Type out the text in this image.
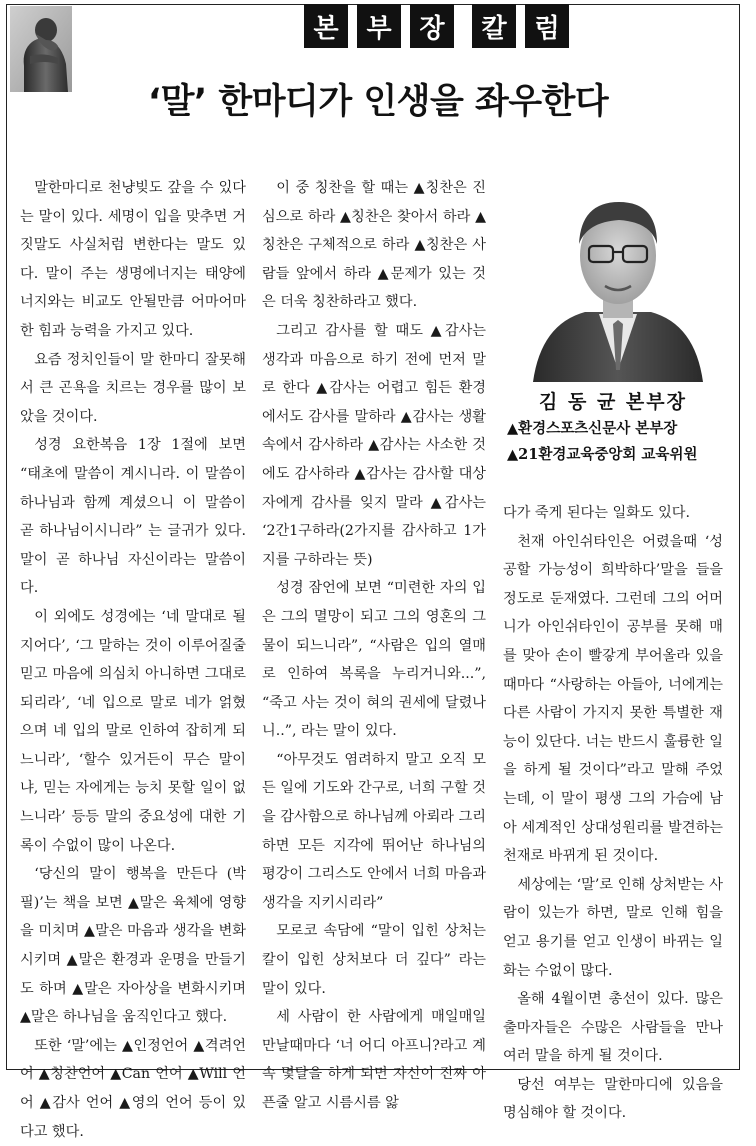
본 부 장 칼 럼
‘말’ 한마디가 인생을 좌우한다

말한마디로 천냥빚도 갚을 수 있다는 말이 있다. 세명이 입을 맞추면 거짓말도 사실처럼 변한다는 말도 있다. 말이 주는 생명에너지는 태양에너지와는 비교도 안될만큼 어마어마한 힘과 능력을 가지고 있다.

요즘 정치인들이 말 한마디 잘못해서 큰 곤욕을 치르는 경우를 많이 보았을 것이다.

성경 요한복음 1장 1절에 보면 “태초에 말씀이 계시니라. 이 말씀이 하나님과 함께 계셨으니 이 말씀이 곧 하나님이시니라” 는 글귀가 있다. 말이 곧 하나님 자신이라는 말씀이다.

이 외에도 성경에는 ‘네 말대로 될지어다’, ‘그 말하는 것이 이루어질줄 믿고 마음에 의심치 아니하면 그대로 되리라’, ‘네 입으로 말로 네가 얽혔으며 네 입의 말로 인하여 잡히게 되느니라’, ‘할수 있거든이 무슨 말이냐, 믿는 자에게는 능치 못할 일이 없느니라’ 등등 말의 중요성에 대한 기록이 수없이 많이 나온다.

‘당신의 말이 행복을 만든다 (박필)’는 책을 보면 ▲말은 육체에 영향을 미치며 ▲말은 마음과 생각을 변화시키며 ▲말은 환경과 운명을 만들기도 하며 ▲말은 자아상을 변화시키며 ▲말은 하나님을 움직인다고 했다.

또한 ‘말’에는 ▲인정언어 ▲격려언어 ▲칭찬언어 ▲Can 언어 ▲Will 언어 ▲감사 언어 ▲영의 언어 등이 있다고 했다.

이 중 칭찬을 할 때는 ▲칭찬은 진심으로 하라 ▲칭찬은 찾아서 하라 ▲칭찬은 구체적으로 하라 ▲칭찬은 사람들 앞에서 하라 ▲문제가 있는 것은 더욱 칭찬하라고 했다.

그리고 감사를 할 때도 ▲감사는 생각과 마음으로 하기 전에 먼저 말로 한다 ▲감사는 어렵고 힘든 환경에서도 감사를 말하라 ▲감사는 생활 속에서 감사하라 ▲감사는 사소한 것에도 감사하라 ▲감사는 감사할 대상자에게 감사를 잊지 말라 ▲감사는 ‘2간1구하라(2가지를 감사하고 1가지를 구하라는 뜻)

성경 잠언에 보면 “미련한 자의 입은 그의 멸망이 되고 그의 영혼의 그물이 되느니라”, “사람은 입의 열매로 인하여 복록을 누리거니와...”, “죽고 사는 것이 혀의 권세에 달렸나니..”, 라는 말이 있다.

“아무것도 염려하지 말고 오직 모든 일에 기도와 간구로, 너희 구할 것을 감사함으로 하나님께 아뢰라 그리하면 모든 지각에 뛰어난 하나님의 평강이 그리스도 안에서 너희 마음과 생각을 지키시리라”

모로코 속담에 “말이 입힌 상처는 칼이 입힌 상처보다 더 깊다” 라는 말이 있다.

세 사람이 한 사람에게 매일매일 만날때마다 ‘너 어디 아프니?라고 계속 몇달을 하게 되면 자신이 진짜 아픈줄 알고 시름시름 앓

김 동 균 본부장
▲환경스포츠신문사 본부장
▲21환경교육중앙회 교육위원

다가 죽게 된다는 일화도 있다.

천재 아인쉬타인은 어렸을때 ‘성공할 가능성이 희박하다’말을 들을 정도로 둔재였다. 그런데 그의 어머니가 아인쉬타인이 공부를 못해 매를 맞아 손이 빨갛게 부어올라 있을 때마다 “사랑하는 아들아, 너에게는 다른 사람이 가지지 못한 특별한 재능이 있단다. 너는 반드시 훌륭한 일을 하게 될 것이다”라고 말해 주었는데, 이 말이 평생 그의 가슴에 남아 세계적인 상대성원리를 발견하는 천재로 바뀌게 된 것이다.

세상에는 ‘말’로 인해 상처받는 사람이 있는가 하면, 말로 인해 힘을 얻고 용기를 얻고 인생이 바뀌는 일화는 수없이 많다.

올해 4월이면 총선이 있다. 많은 출마자들은 수많은 사람들을 만나 여러 말을 하게 될 것이다.

당선 여부는 말한마디에 있음을 명심해야 할 것이다.
